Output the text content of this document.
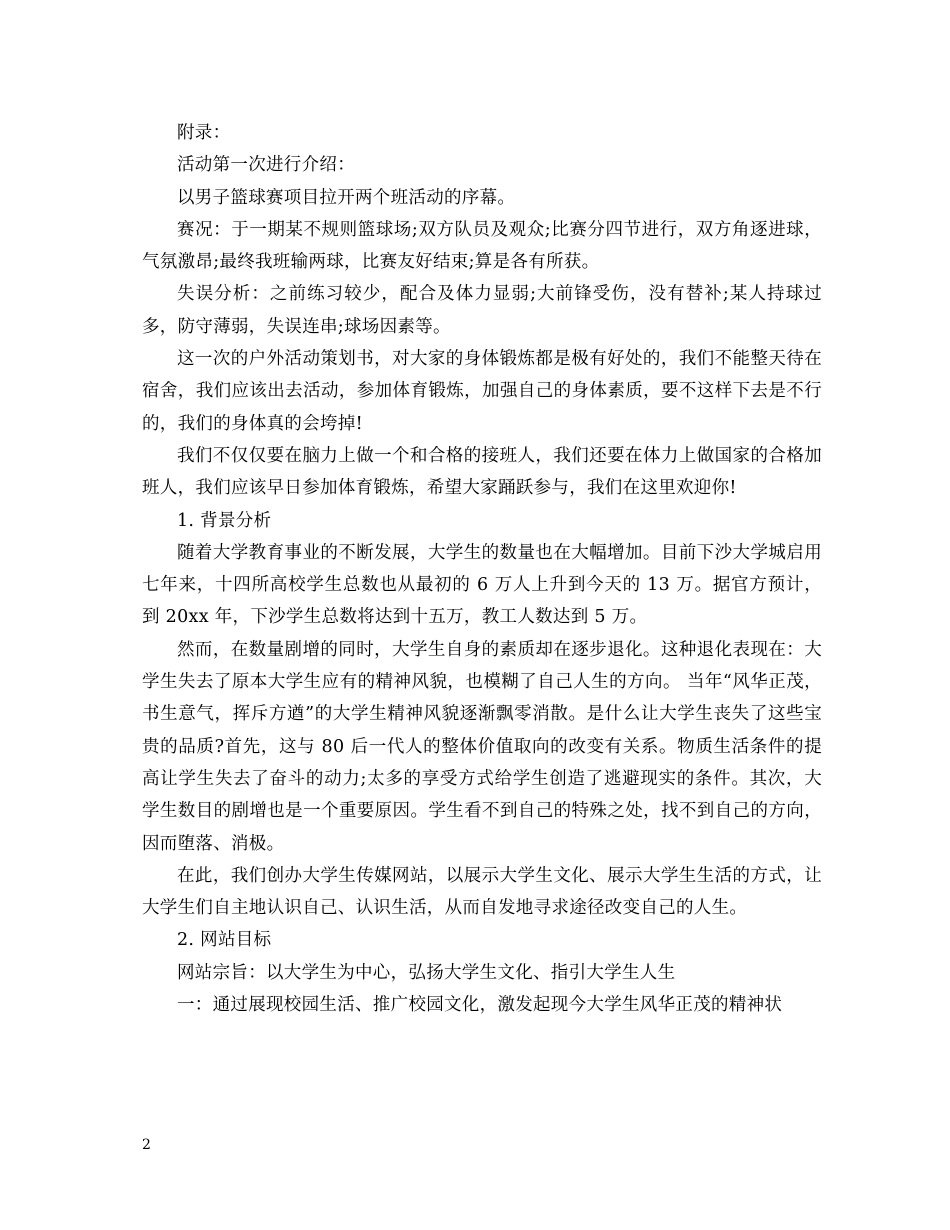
附录：

活动第一次进行介绍：

以男子篮球赛项目拉开两个班活动的序幕。

赛况：于一期某不规则篮球场;双方队员及观众;比赛分四节进行，双方角逐进球，气氛激昂;最终我班输两球，比赛友好结束;算是各有所获。

失误分析：之前练习较少，配合及体力显弱;大前锋受伤，没有替补;某人持球过多，防守薄弱，失误连串;球场因素等。

这一次的户外活动策划书，对大家的身体锻炼都是极有好处的，我们不能整天待在宿舍，我们应该出去活动，参加体育锻炼，加强自己的身体素质，要不这样下去是不行的，我们的身体真的会垮掉!

我们不仅仅要在脑力上做一个和合格的接班人，我们还要在体力上做国家的合格加班人，我们应该早日参加体育锻炼，希望大家踊跃参与，我们在这里欢迎你!

1. 背景分析

随着大学教育事业的不断发展，大学生的数量也在大幅增加。目前下沙大学城启用七年来，十四所高校学生总数也从最初的 6 万人上升到今天的 13 万。据官方预计，到 20xx 年，下沙学生总数将达到十五万，教工人数达到 5 万。

然而，在数量剧增的同时，大学生自身的素质却在逐步退化。这种退化表现在：大学生失去了原本大学生应有的精神风貌，也模糊了自己人生的方向。 当年“风华正茂，书生意气，挥斥方遒”的大学生精神风貌逐渐飘零消散。是什么让大学生丧失了这些宝贵的品质?首先，这与 80 后一代人的整体价值取向的改变有关系。物质生活条件的提高让学生失去了奋斗的动力;太多的享受方式给学生创造了逃避现实的条件。其次，大学生数目的剧增也是一个重要原因。学生看不到自己的特殊之处，找不到自己的方向，因而堕落、消极。

在此，我们创办大学生传媒网站，以展示大学生文化、展示大学生生活的方式，让大学生们自主地认识自己、认识生活，从而自发地寻求途径改变自己的人生。

2. 网站目标

网站宗旨：以大学生为中心，弘扬大学生文化、指引大学生人生

一：通过展现校园生活、推广校园文化，激发起现今大学生风华正茂的精神状

2
